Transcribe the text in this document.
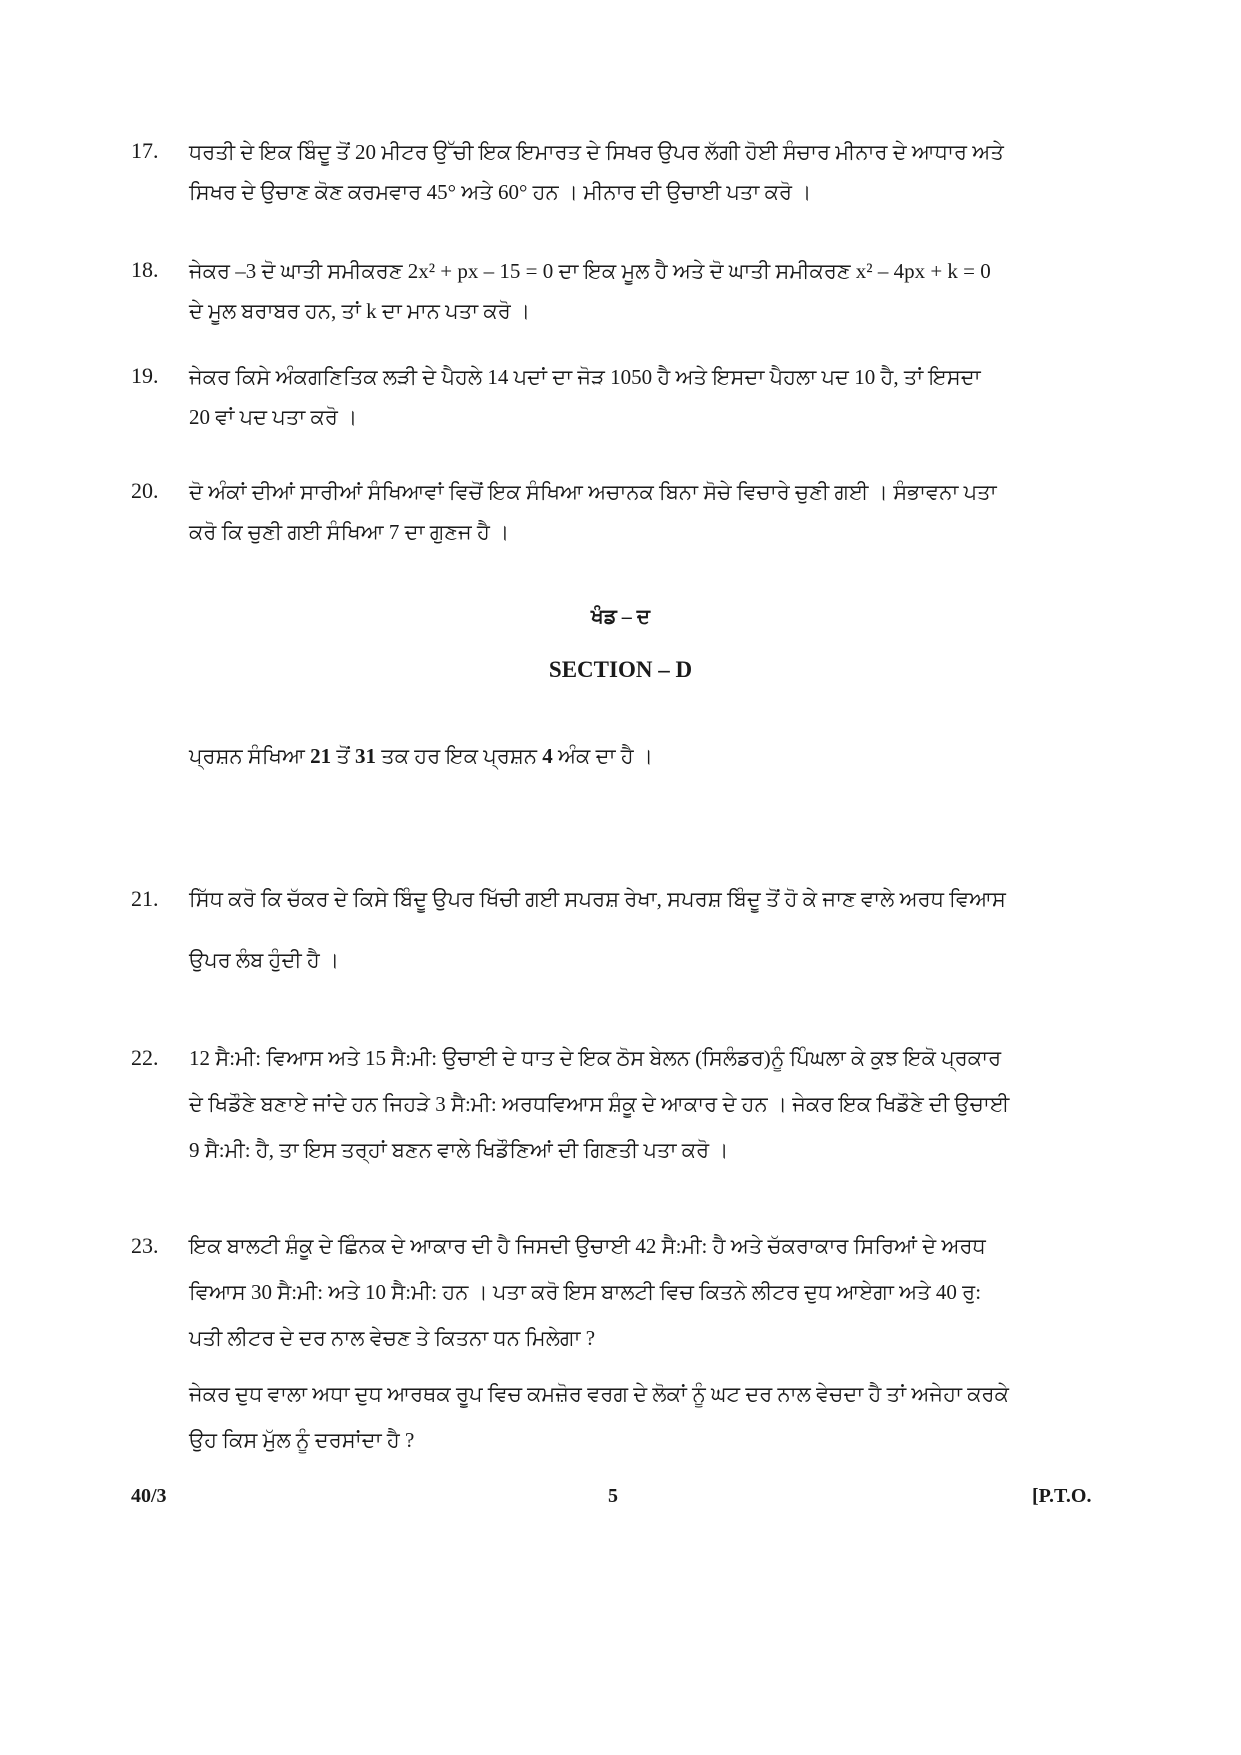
17. ਧਰਤੀ ਦੇ ਇਕ ਬਿੰਦੂ ਤੋਂ 20 ਮੀਟਰ ਉੱਚੀ ਇਕ ਇਮਾਰਤ ਦੇ ਸਿਖਰ ਉਪਰ ਲੱਗੀ ਹੋਈ ਸੰਚਾਰ ਮੀਨਾਰ ਦੇ ਆਧਾਰ ਅਤੇ
ਸਿਖਰ ਦੇ ਉਚਾਣ ਕੋਣ ਕਰਮਵਾਰ 45° ਅਤੇ 60° ਹਨ । ਮੀਨਾਰ ਦੀ ਉਚਾਈ ਪਤਾ ਕਰੋ ।
18. ਜੇਕਰ –3 ਦੋ ਘਾਤੀ ਸਮੀਕਰਣ 2x² + px – 15 = 0 ਦਾ ਇਕ ਮੂਲ ਹੈ ਅਤੇ ਦੋ ਘਾਤੀ ਸਮੀਕਰਣ x² – 4px + k = 0
ਦੇ ਮੂਲ ਬਰਾਬਰ ਹਨ, ਤਾਂ k ਦਾ ਮਾਨ ਪਤਾ ਕਰੋ ।
19. ਜੇਕਰ ਕਿਸੇ ਅੰਕਗਣਿਤਿਕ ਲੜੀ ਦੇ ਪੈਹਲੇ 14 ਪਦਾਂ ਦਾ ਜੋੜ 1050 ਹੈ ਅਤੇ ਇਸਦਾ ਪੈਹਲਾ ਪਦ 10 ਹੈ, ਤਾਂ ਇਸਦਾ
20 ਵਾਂ ਪਦ ਪਤਾ ਕਰੋ ।
20. ਦੋ ਅੰਕਾਂ ਦੀਆਂ ਸਾਰੀਆਂ ਸੰਖਿਆਵਾਂ ਵਿਚੋਂ ਇਕ ਸੰਖਿਆ ਅਚਾਨਕ ਬਿਨਾ ਸੋਚੇ ਵਿਚਾਰੇ ਚੁਣੀ ਗਈ । ਸੰਭਾਵਨਾ ਪਤਾ
ਕਰੋ ਕਿ ਚੁਣੀ ਗਈ ਸੰਖਿਆ 7 ਦਾ ਗੁਣਜ ਹੈ ।
ਖੰਡ – ਦ
SECTION – D
ਪ੍ਰਸ਼ਨ ਸੰਖਿਆ 21 ਤੋਂ 31 ਤਕ ਹਰ ਇਕ ਪ੍ਰਸ਼ਨ 4 ਅੰਕ ਦਾ ਹੈ ।
21. ਸਿੱਧ ਕਰੋ ਕਿ ਚੱਕਰ ਦੇ ਕਿਸੇ ਬਿੰਦੂ ਉਪਰ ਖਿੱਚੀ ਗਈ ਸਪਰਸ਼ ਰੇਖਾ, ਸਪਰਸ਼ ਬਿੰਦੂ ਤੋਂ ਹੋ ਕੇ ਜਾਣ ਵਾਲੇ ਅਰਧ ਵਿਆਸ
ਉਪਰ ਲੰਬ ਹੁੰਦੀ ਹੈ ।
22. 12 ਸੈ:ਮੀ: ਵਿਆਸ ਅਤੇ 15 ਸੈ:ਮੀ: ਉਚਾਈ ਦੇ ਧਾਤ ਦੇ ਇਕ ਠੋਸ ਬੇਲਨ (ਸਿਲੰਡਰ)ਨੂੰ ਪਿੰਘਲਾ ਕੇ ਕੁਝ ਇਕੋ ਪ੍ਰਕਾਰ
ਦੇ ਖਿਡੌਣੇ ਬਣਾਏ ਜਾਂਦੇ ਹਨ ਜਿਹੜੇ 3 ਸੈ:ਮੀ: ਅਰਧਵਿਆਸ ਸ਼ੰਕੂ ਦੇ ਆਕਾਰ ਦੇ ਹਨ । ਜੇਕਰ ਇਕ ਖਿਡੌਣੇ ਦੀ ਉਚਾਈ
9 ਸੈ:ਮੀ: ਹੈ, ਤਾ ਇਸ ਤਰ੍ਹਾਂ ਬਣਨ ਵਾਲੇ ਖਿਡੌਣਿਆਂ ਦੀ ਗਿਣਤੀ ਪਤਾ ਕਰੋ ।
23. ਇਕ ਬਾਲਟੀ ਸ਼ੰਕੂ ਦੇ ਛਿੰਨਕ ਦੇ ਆਕਾਰ ਦੀ ਹੈ ਜਿਸਦੀ ਉਚਾਈ 42 ਸੈ:ਮੀ: ਹੈ ਅਤੇ ਚੱਕਰਾਕਾਰ ਸਿਰਿਆਂ ਦੇ ਅਰਧ
ਵਿਆਸ 30 ਸੈ:ਮੀ: ਅਤੇ 10 ਸੈ:ਮੀ: ਹਨ । ਪਤਾ ਕਰੋ ਇਸ ਬਾਲਟੀ ਵਿਚ ਕਿਤਨੇ ਲੀਟਰ ਦੁਧ ਆਏਗਾ ਅਤੇ 40 ਰੁ:
ਪਤੀ ਲੀਟਰ ਦੇ ਦਰ ਨਾਲ ਵੇਚਣ ਤੇ ਕਿਤਨਾ ਧਨ ਮਿਲੇਗਾ ?
ਜੇਕਰ ਦੁਧ ਵਾਲਾ ਅਧਾ ਦੁਧ ਆਰਥਕ ਰੂਪ ਵਿਚ ਕਮਜ਼ੋਰ ਵਰਗ ਦੇ ਲੋਕਾਂ ਨੂੰ ਘਟ ਦਰ ਨਾਲ ਵੇਚਦਾ ਹੈ ਤਾਂ ਅਜੇਹਾ ਕਰਕੇ
ਉਹ ਕਿਸ ਮੁੱਲ ਨੂੰ ਦਰਸਾਂਦਾ ਹੈ ?
40/3	5	[P.T.O.
